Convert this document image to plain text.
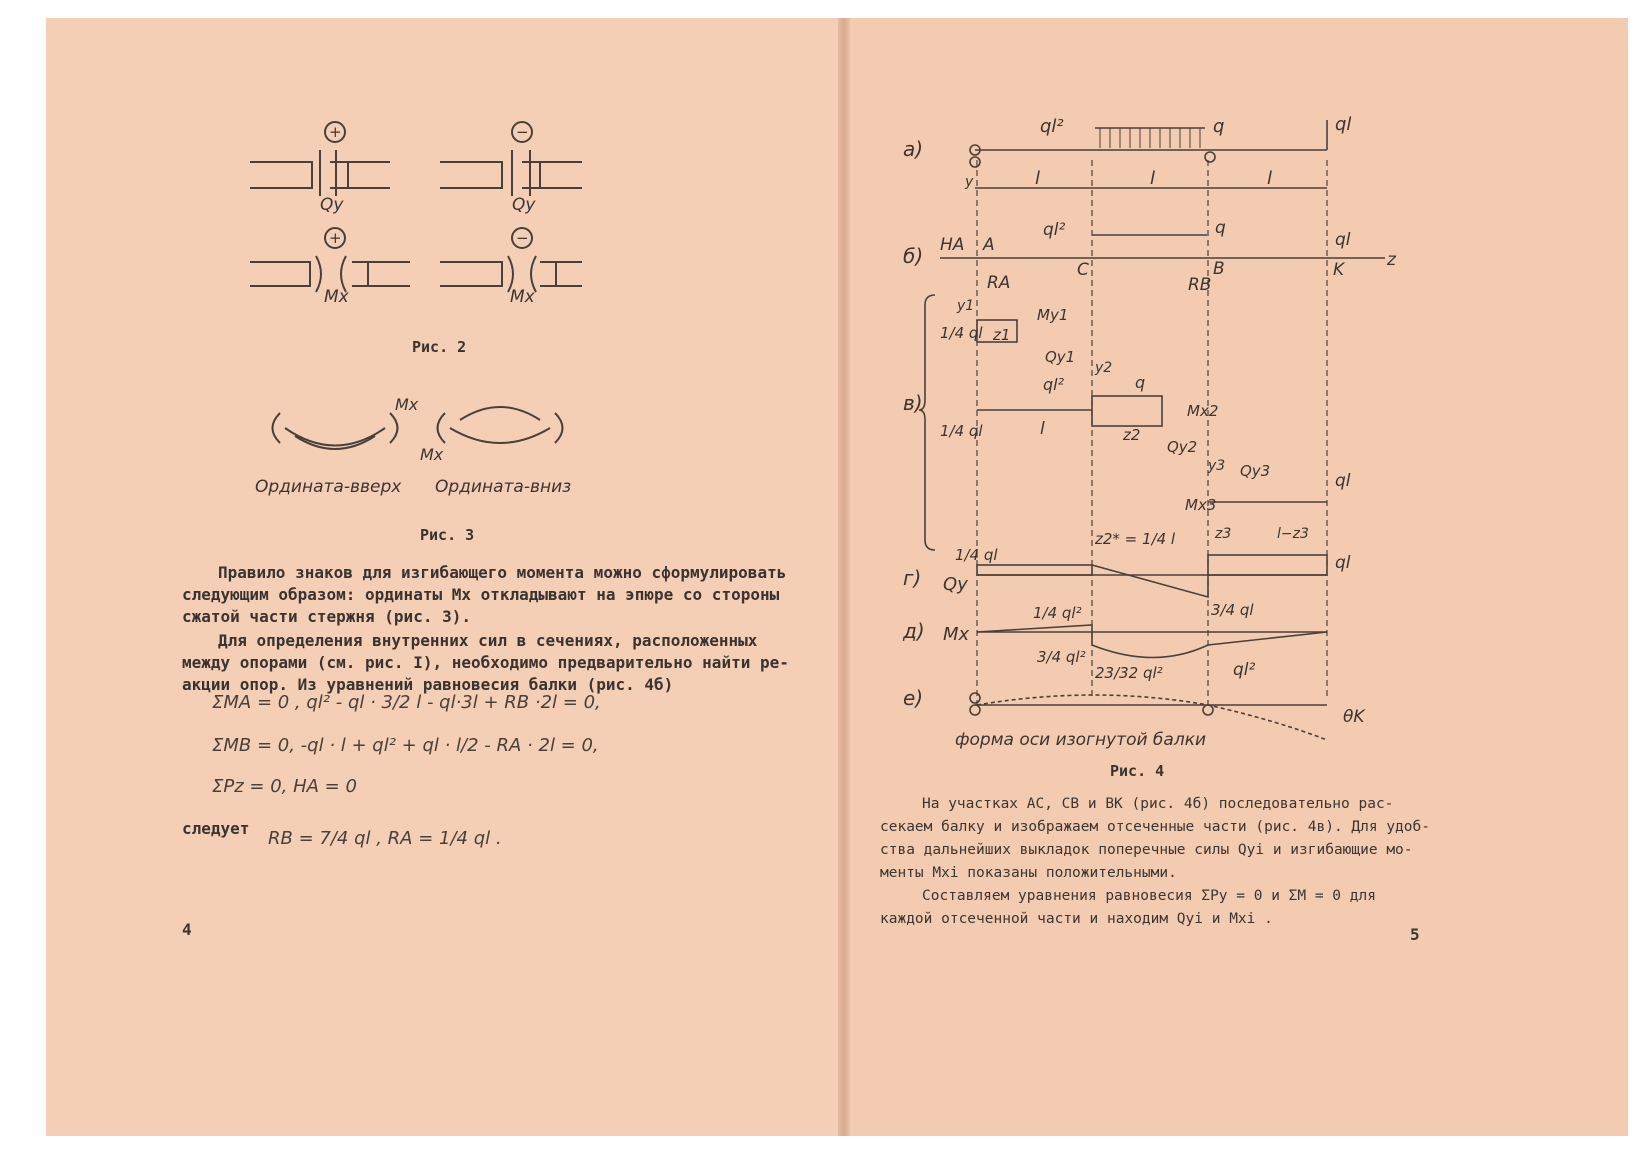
+	−
+	−
Qy	Qy
Mx	Mx
Рис. 2
Mx
Mx
Ордината-вверх Ордината-вниз
Рис. 3
Правило знаков для изгибающего момента можно сформулировать
следующим образом: ординаты Mx откладывают на эпюре со стороны
сжатой части стержня (рис. 3).
Для определения внутренних сил в сечениях, расположенных
между опорами (см. рис. I), необходимо предварительно найти ре-
акции опор. Из уравнений равновесия балки (рис. 4б)
ΣMA = 0 , ql² - ql · 3/2 l - ql·3l + RB ·2l = 0,
ΣMB = 0, -ql · l + ql² + ql · l/2 - RA · 2l = 0,
ΣPz = 0, HA = 0
следует RB = 7/4 ql , RA = 1/4 ql .
4
а)
б)
в)
г)
д)
е)
ql²	q	ql
y	l	l	l
HA A
ql²	q
ql
C	B	K	z
RA	RB
y1
1/4 ql z1
My1
Qy1
y2
ql²	q
1/4 ql	l	z2
Mx2
Qy2
y3 Qy3
Mx3
ql
z3	l−z3
z2* = 1/4 l
1/4 ql
Qy
ql
3/4 ql
1/4 ql²
Mx
3/4 ql²
23/32 ql²	ql²
θK
форма оси изогнутой балки
Рис. 4
На участках AC, CB и BK (рис. 4б) последовательно рас-
секаем балку и изображаем отсеченные части (рис. 4в). Для удоб-
ства дальнейших выкладок поперечные силы Qyi и изгибающие мо-
менты Mxi показаны положительными.
Составляем уравнения равновесия ΣPy = 0 и ΣM = 0 для
каждой отсеченной части и находим Qyi и Mxi .
5
